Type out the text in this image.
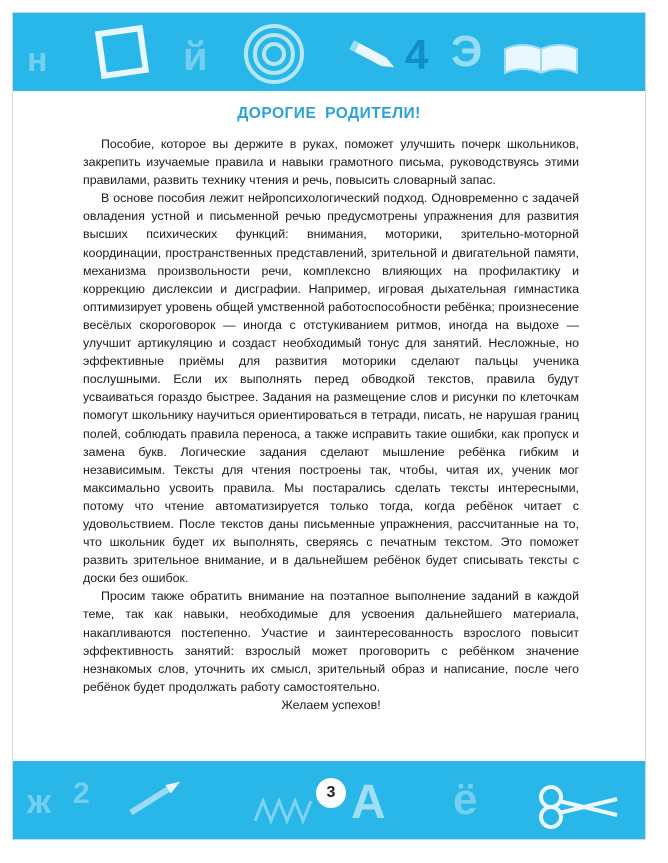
н	й	4 Э
ДОРОГИЕ РОДИТЕЛИ!

Пособие, которое вы держите в руках, поможет улучшить почерк школьников, закрепить изучаемые правила и навыки грамотного письма, руководствуясь этими правилами, развить технику чтения и речь, повысить словарный запас.

В основе пособия лежит нейропсихологический подход. Одновременно с задачей овладения устной и письменной речью предусмотрены упражнения для развития высших психических функций: внимания, моторики, зрительно-моторной координации, пространственных представлений, зрительной и двигательной памяти, механизма произвольности речи, комплексно влияющих на профилактику и коррекцию дислексии и дисграфии. Например, игровая дыхательная гимнастика оптимизирует уровень общей умственной работоспособности ребёнка; произнесение весёлых скороговорок — иногда с отстукиванием ритмов, иногда на выдохе — улучшит артикуляцию и создаст необходимый тонус для занятий. Несложные, но эффективные приёмы для развития моторики сделают пальцы ученика послушными. Если их выполнять перед обводкой текстов, правила будут усваиваться гораздо быстрее. Задания на размещение слов и рисунки по клеточкам помогут школьнику научиться ориентироваться в тетради, писать, не нарушая границ полей, соблюдать правила переноса, а также исправить такие ошибки, как пропуск и замена букв. Логические задания сделают мышление ребёнка гибким и независимым. Тексты для чтения построены так, чтобы, читая их, ученик мог максимально усвоить правила. Мы постарались сделать тексты интересными, потому что чтение автоматизируется только тогда, когда ребёнок читает с удовольствием. После текстов даны письменные упражнения, рассчитанные на то, что школьник будет их выполнять, сверяясь с печатным текстом. Это поможет развить зрительное внимание, и в дальнейшем ребёнок будет списывать тексты с доски без ошибок.

Просим также обратить внимание на поэтапное выполнение заданий в каждой теме, так как навыки, необходимые для усвоения дальнейшего материала, накапливаются постепенно. Участие и заинтересованность взрослого повысит эффективность занятий: взрослый может проговорить с ребёнком значение незнакомых слов, уточнить их смысл, зрительный образ и написание, после чего ребёнок будет продолжать работу самостоятельно.

Желаем успехов!

ж 2	А ё
3
